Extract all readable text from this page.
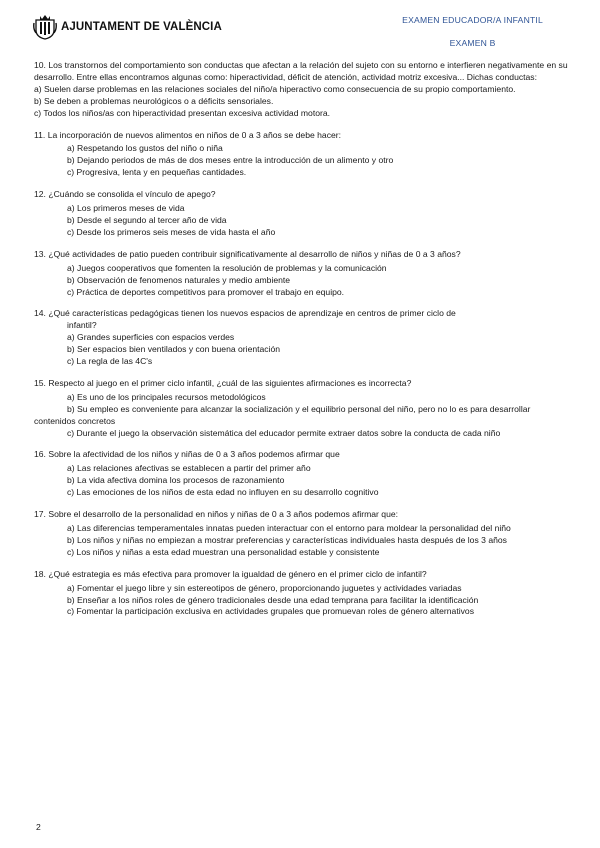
AJUNTAMENT DE VALÈNCIA
EXAMEN EDUCADOR/A INFANTIL
EXAMEN B

10. Los transtornos del comportamiento son conductas que afectan a la relación del sujeto con su entorno e interfieren negativamente en su desarrollo. Entre ellas encontramos algunas como: hiperactividad, déficit de atención, actividad motriz excesiva... Dichas conductas:

a) Suelen darse problemas en las relaciones sociales del niño/a hiperactivo como consecuencia de su propio comportamiento.
b) Se deben a problemas neurológicos o a déficits sensoriales.
c) Todos los niños/as con hiperactividad presentan excesiva actividad motora.

11. La incorporación de nuevos alimentos en niños de 0 a 3 años se debe hacer:

a) Respetando los gustos del niño o niña
b) Dejando periodos de más de dos meses entre la introducción de un alimento y otro
c) Progresiva, lenta y en pequeñas cantidades.

12. ¿Cuándo se consolida el vínculo de apego?

a) Los primeros meses de vida
b) Desde el segundo al tercer año de vida
c) Desde los primeros seis meses de vida hasta el año

13. ¿Qué actividades de patio pueden contribuir significativamente al desarrollo de niños y niñas de 0 a 3 años?

a) Juegos cooperativos que fomenten la resolución de problemas y la comunicación
b) Observación de fenomenos naturales y medio ambiente
c) Práctica de deportes competitivos para promover el trabajo en equipo.

14. ¿Qué características pedagógicas tienen los nuevos espacios de aprendizaje en centros de primer ciclo de

infantil?

a) Grandes superficies con espacios verdes
b) Ser espacios bien ventilados y con buena orientación
c) La regla de las 4C's

15. Respecto al juego en el primer ciclo infantil, ¿cuál de las siguientes afirmaciones es incorrecta?

a) Es uno de los principales recursos metodológicos
b) Su empleo es conveniente para alcanzar la socialización y el equilibrio personal del niño, pero no lo es para desarrollar contenidos concretos
c) Durante el juego la observación sistemática del educador permite extraer datos sobre la conducta de cada niño

16. Sobre la afectividad de los niños y niñas de 0 a 3 años podemos afirmar que

a) Las relaciones afectivas se establecen a partir del primer año
b) La vida afectiva domina los procesos de razonamiento
c) Las emociones de los niños de esta edad no influyen en su desarrollo cognitivo

17. Sobre el desarrollo de la personalidad en niños y niñas de 0 a 3 años podemos afirmar que:

a) Las diferencias temperamentales innatas pueden interactuar con el entorno para moldear la personalidad del niño
b) Los niños y niñas no empiezan a mostrar preferencias y características individuales hasta después de los 3 años
c) Los niños y niñas a esta edad muestran una personalidad estable y consistente

18. ¿Qué estrategia es más efectiva para promover la igualdad de género en el primer ciclo de infantil?

a) Fomentar el juego libre y sin estereotipos de género, proporcionando juguetes y actividades variadas
b) Enseñar a los niños roles de género tradicionales desde una edad temprana para facilitar la identificación
c) Fomentar la participación exclusiva en actividades grupales que promuevan roles de género alternativos
2
